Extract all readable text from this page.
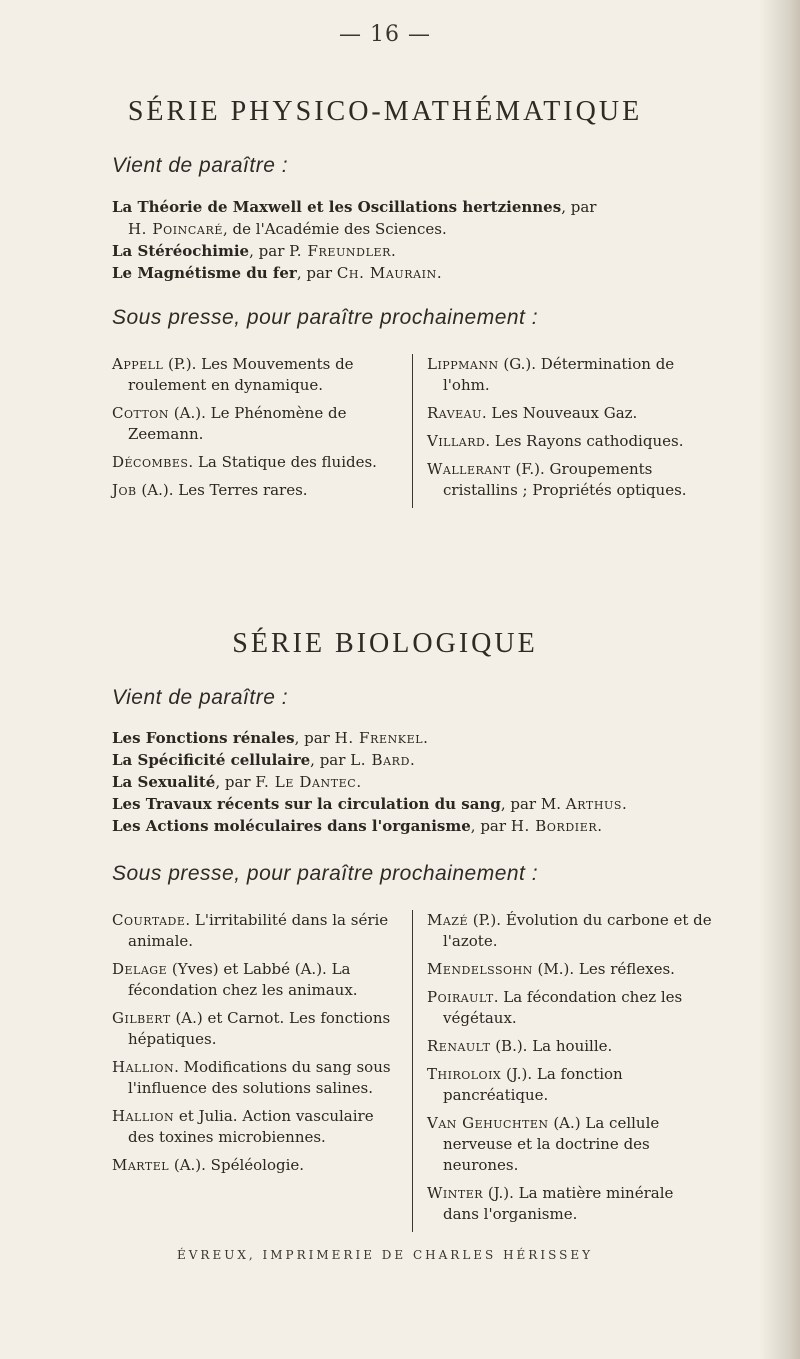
— 16 —
SÉRIE PHYSICO-MATHÉMATIQUE
Vient de paraître :
La Théorie de Maxwell et les Oscillations hertziennes, par
H. Poincaré, de l'Académie des Sciences.
La Stéréochimie, par P. Freundler.
Le Magnétisme du fer, par Ch. Maurain.
Sous presse, pour paraître prochainement :

Appell (P.). Les Mouvements de roulement en dynamique.

Cotton (A.). Le Phénomène de Zeemann.

Décombes. La Statique des fluides.

Job (A.). Les Terres rares.

Lippmann (G.). Détermination de l'ohm.

Raveau. Les Nouveaux Gaz.

Villard. Les Rayons cathodiques.

Wallerant (F.). Groupements cristallins ; Propriétés optiques.

SÉRIE BIOLOGIQUE
Vient de paraître :
Les Fonctions rénales, par H. Frenkel.
La Spécificité cellulaire, par L. Bard.
La Sexualité, par F. Le Dantec.
Les Travaux récents sur la circulation du sang, par M. Arthus.
Les Actions moléculaires dans l'organisme, par H. Bordier.
Sous presse, pour paraître prochainement :

Courtade. L'irritabilité dans la série animale.

Delage (Yves) et Labbé (A.). La fécondation chez les animaux.

Gilbert (A.) et Carnot. Les fonctions hépatiques.

Hallion. Modifications du sang sous l'influence des solutions salines.

Hallion et Julia. Action vasculaire des toxines microbiennes.

Martel (A.). Spéléologie.

Mazé (P.). Évolution du carbone et de l'azote.

Mendelssohn (M.). Les réflexes.

Poirault. La fécondation chez les végétaux.

Renault (B.). La houille.

Thiroloix (J.). La fonction pancréatique.

Van Gehuchten (A.) La cellule nerveuse et la doctrine des neurones.

Winter (J.). La matière minérale dans l'organisme.

ÉVREUX, IMPRIMERIE DE CHARLES HÉRISSEY
